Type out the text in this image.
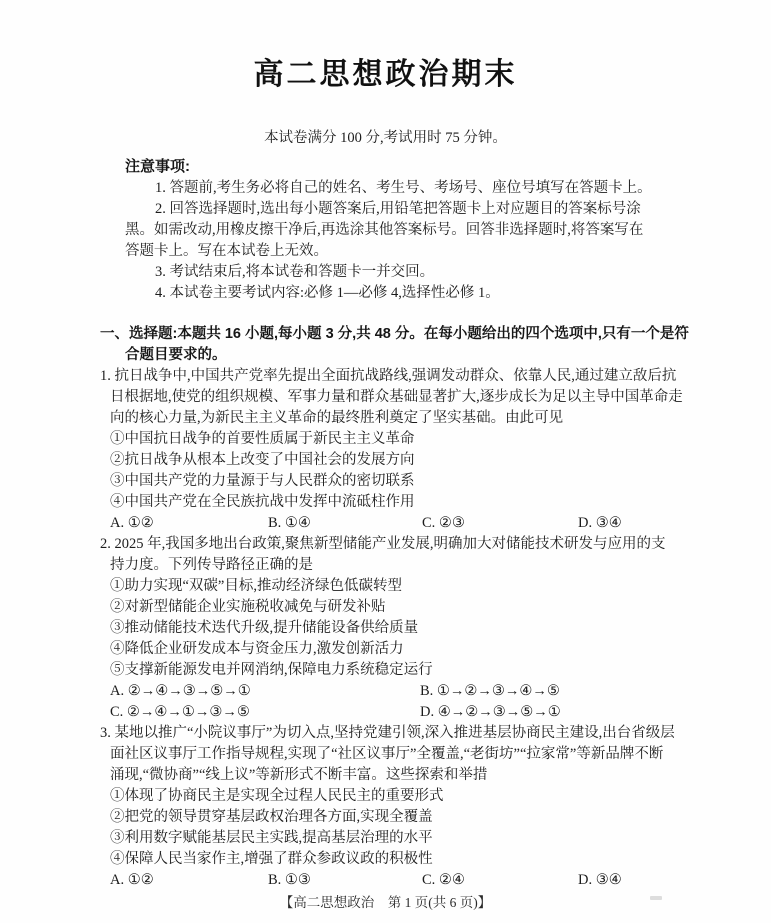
高二思想政治期末
本试卷满分 100 分,考试用时 75 分钟。
注意事项:
1. 答题前,考生务必将自己的姓名、考生号、考场号、座位号填写在答题卡上。
2. 回答选择题时,选出每小题答案后,用铅笔把答题卡上对应题目的答案标号涂
黑。如需改动,用橡皮擦干净后,再选涂其他答案标号。回答非选择题时,将答案写在
答题卡上。写在本试卷上无效。
3. 考试结束后,将本试卷和答题卡一并交回。
4. 本试卷主要考试内容:必修 1—必修 4,选择性必修 1。
一、选择题:本题共 16 小题,每小题 3 分,共 48 分。在每小题给出的四个选项中,只有一个是符
合题目要求的。
1. 抗日战争中,中国共产党率先提出全面抗战路线,强调发动群众、依靠人民,通过建立敌后抗
日根据地,使党的组织规模、军事力量和群众基础显著扩大,逐步成长为足以主导中国革命走
向的核心力量,为新民主主义革命的最终胜利奠定了坚实基础。由此可见
①中国抗日战争的首要性质属于新民主主义革命
②抗日战争从根本上改变了中国社会的发展方向
③中国共产党的力量源于与人民群众的密切联系
④中国共产党在全民族抗战中发挥中流砥柱作用
A. ①②	B. ①④	C. ②③	D. ③④
2. 2025 年,我国多地出台政策,聚焦新型储能产业发展,明确加大对储能技术研发与应用的支
持力度。下列传导路径正确的是
①助力实现“双碳”目标,推动经济绿色低碳转型
②对新型储能企业实施税收减免与研发补贴
③推动储能技术迭代升级,提升储能设备供给质量
④降低企业研发成本与资金压力,激发创新活力
⑤支撑新能源发电并网消纳,保障电力系统稳定运行
A. ②→④→③→⑤→①	B. ①→②→③→④→⑤
C. ②→④→①→③→⑤	D. ④→②→③→⑤→①
3. 某地以推广“小院议事厅”为切入点,坚持党建引领,深入推进基层协商民主建设,出台省级层
面社区议事厅工作指导规程,实现了“社区议事厅”全覆盖,“老街坊”“拉家常”等新品牌不断
涌现,“微协商”“线上议”等新形式不断丰富。这些探索和举措
①体现了协商民主是实现全过程人民民主的重要形式
②把党的领导贯穿基层政权治理各方面,实现全覆盖
③利用数字赋能基层民主实践,提高基层治理的水平
④保障人民当家作主,增强了群众参政议政的积极性
A. ①②	B. ①③	C. ②④	D. ③④
【高二思想政治　第 1 页(共 6 页)】
